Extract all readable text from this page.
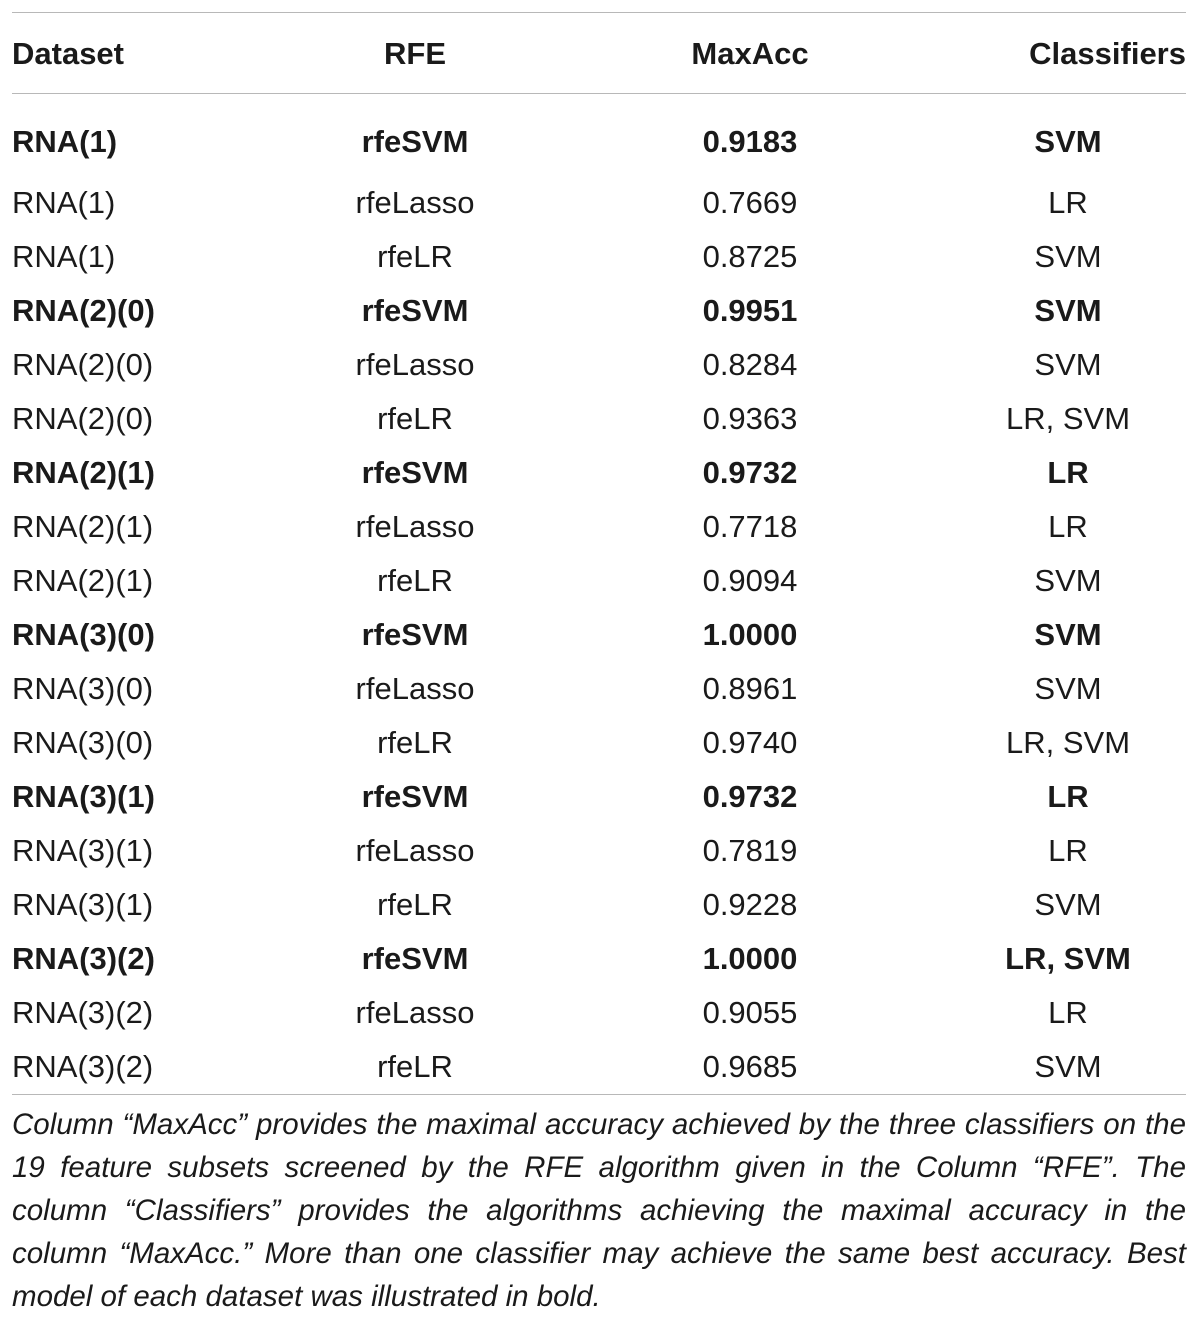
Dataset	RFE	MaxAcc	Classifiers
RNA(1)	rfeSVM	0.9183	SVM
RNA(1)	rfeLasso	0.7669	LR
RNA(1)	rfeLR	0.8725	SVM
RNA(2)(0)	rfeSVM	0.9951	SVM
RNA(2)(0)	rfeLasso	0.8284	SVM
RNA(2)(0)	rfeLR	0.9363	LR, SVM
RNA(2)(1)	rfeSVM	0.9732	LR
RNA(2)(1)	rfeLasso	0.7718	LR
RNA(2)(1)	rfeLR	0.9094	SVM
RNA(3)(0)	rfeSVM	1.0000	SVM
RNA(3)(0)	rfeLasso	0.8961	SVM
RNA(3)(0)	rfeLR	0.9740	LR, SVM
RNA(3)(1)	rfeSVM	0.9732	LR
RNA(3)(1)	rfeLasso	0.7819	LR
RNA(3)(1)	rfeLR	0.9228	SVM
RNA(3)(2)	rfeSVM	1.0000	LR, SVM
RNA(3)(2)	rfeLasso	0.9055	LR
RNA(3)(2)	rfeLR	0.9685	SVM
Column “MaxAcc” provides the maximal accuracy achieved by the three classifiers on the 19 feature subsets screened by the RFE algorithm given in the Column “RFE”. The column “Classifiers” provides the algorithms achieving the maximal accuracy in the column “MaxAcc.” More than one classifier may achieve the same best accuracy. Best model of each dataset was illustrated in bold.
